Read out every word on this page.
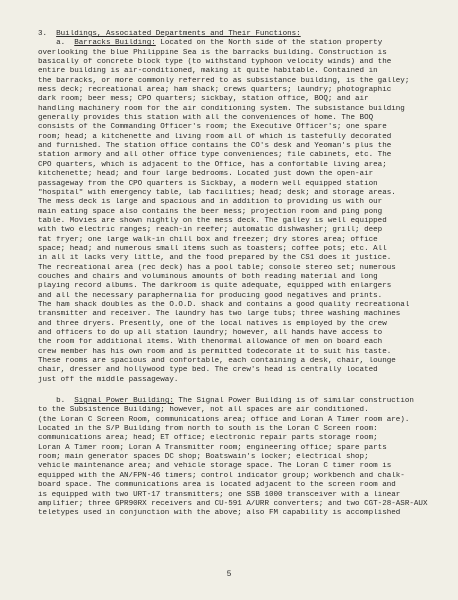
3. Buildings, Associated Departments and Their Functions:

a. Barracks Building: Located on the North side of the station property
overlooking the blue Philippine Sea is the barracks building. Construction is
basically of concrete block type (to withstand typhoon velocity winds) and the
entire building is air-conditioned, making it quite habitable. Contained in
the barracks, or more commonly referred to as subsistance building, is the galley;
mess deck; recreational area; ham shack; crews quarters; laundry; photographic
dark room; beer mess; CPO quarters; sickbay, station office, BOQ; and air
handling machinery room for the air conditioning system. The subsistance building
generally provides this station with all the conveniences of home. The BOQ
consists of the Commanding Officer's room; the Executive Officer's; one spare
room; head; a kitchenette and living room all of which is tastefully decorated
and furnished. The station office contains the CO's desk and Yeoman's plus the
station armory and all other office type conveniences; file cabinets, etc. The
CPO quarters, which is adjacent to the Office, has a confortable living area;
kitchenette; head; and four large bedrooms. Located just down the open-air
passageway from the CPO quarters is Sickbay, a modern well equipped station
"hospital" with emergency table, lab facilities; head; desk; and storage areas.
The mess deck is large and spacious and in addition to providing us with our
main eating space also contains the beer mess; projection room and ping pong
table. Movies are shown nightly on the mess deck. The galley is well equipped
with two electric ranges; reach-in reefer; automatic dishwasher; grill; deep
fat fryer; one large walk-in chill box and freezer; dry stores area; office
space; head; and numerous small items such as toasters; coffee pots; etc. All
in all it lacks very little, and the food prepared by the CS1 does it justice.
The recreational area (rec deck) has a pool table; console stereo set; numerous
couches and chairs and voluminous amounts of both reading material and long
playing record albums. The darkroom is quite adequate, equipped with enlargers
and all the necessary paraphernalia for producing good negatives and prints.
The ham shack doubles as the O.O.D. shack and contains a good quality recreational
transmitter and receiver. The laundry has two large tubs; three washing machines
and three dryers. Presently, one of the local natives is employed by the crew
and officers to do up all station laundry; however, all hands have access to
the room for additional items. With thenormal allowance of men on board each
crew member has his own room and is permitted todecorate it to suit his taste.
These rooms are spacious and confortable, each containing a desk, chair, lounge
chair, dresser and hollywood type bed. The crew's head is centrally located
just off the middle passageway.
b. Signal Power Building: The Signal Power Building is of similar construction
to the Subsistence Building; however, not all spaces are air conditioned.
(the Loran C Screen Room, communications area; office and Loran A Timer room are).
Located in the S/P Building from north to south is the Loran C Screen room:
communications area; head; ET office; electronic repair parts storage room;
Loran A Timer room; Loran A Transmitter room; engineering office; spare parts
room; main generator spaces DC shop; Boatswain's locker; electrical shop;
vehicle maintenance area; and vehicle storage space. The Loran C timer room is
equipped with the AN/FPN-46 timers; control indicator group; workbench and chalk-
board space. The communications area is located adjacent to the screen room and
is equipped with two URT-17 transmitters; one SSB 1000 transceiver with a linear
amplifier; three GPR90RX receivers and CU-591 A/URR converters; and two CGT-28-ASR-AUX
teletypes used in conjunction with the above; also FM capability is accomplished
5
